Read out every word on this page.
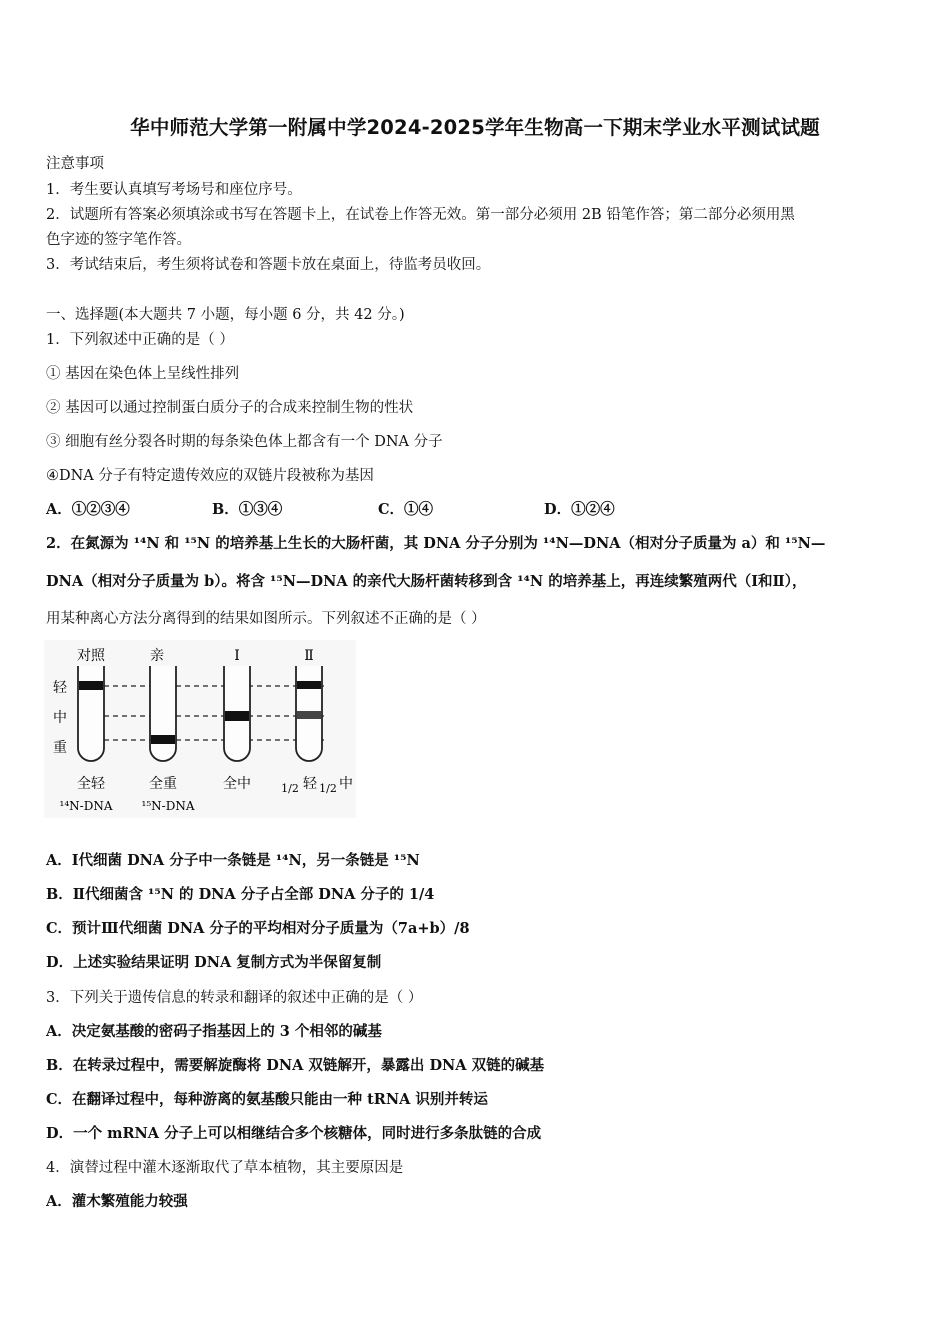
华中师范大学第一附属中学2024-2025学年生物高一下期末学业水平测试试题
注意事项
1．考生要认真填写考场号和座位序号。
2．试题所有答案必须填涂或书写在答题卡上，在试卷上作答无效。第一部分必须用 2B 铅笔作答；第二部分必须用黑
色字迹的签字笔作答。
3．考试结束后，考生须将试卷和答题卡放在桌面上，待监考员收回。
一、选择题(本大题共 7 小题，每小题 6 分，共 42 分。)
1．下列叙述中正确的是（ ）
① 基因在染色体上呈线性排列
② 基因可以通过控制蛋白质分子的合成来控制生物的性状
③ 细胞有丝分裂各时期的每条染色体上都含有一个 DNA 分子
④DNA 分子有特定遗传效应的双链片段被称为基因
A．①②③④	B．①③④	C．①④	D．①②④
2．在氮源为 ¹⁴N 和 ¹⁵N 的培养基上生长的大肠杆菌，其 DNA 分子分别为 ¹⁴N—DNA（相对分子质量为 a）和 ¹⁵N—
DNA（相对分子质量为 b）。将含 ¹⁵N—DNA 的亲代大肠杆菌转移到含 ¹⁴N 的培养基上，再连续繁殖两代（Ⅰ和Ⅱ），
用某种离心方法分离得到的结果如图所示。下列叙述不正确的是（ ）
对照	亲	Ⅰ	Ⅱ
轻
中
重
全轻	全重	全中	1/2 轻 1/2 中
¹⁴N-DNA ¹⁵N-DNA
A．Ⅰ代细菌 DNA 分子中一条链是 ¹⁴N，另一条链是 ¹⁵N
B．Ⅱ代细菌含 ¹⁵N 的 DNA 分子占全部 DNA 分子的 1/4
C．预计Ⅲ代细菌 DNA 分子的平均相对分子质量为（7a+b）/8
D．上述实验结果证明 DNA 复制方式为半保留复制
3．下列关于遗传信息的转录和翻译的叙述中正确的是（ ）
A．决定氨基酸的密码子指基因上的 3 个相邻的碱基
B．在转录过程中，需要解旋酶将 DNA 双链解开，暴露出 DNA 双链的碱基
C．在翻译过程中，每种游离的氨基酸只能由一种 tRNA 识别并转运
D．一个 mRNA 分子上可以相继结合多个核糖体，同时进行多条肽链的合成
4．演替过程中灌木逐渐取代了草本植物，其主要原因是
A．灌木繁殖能力较强
